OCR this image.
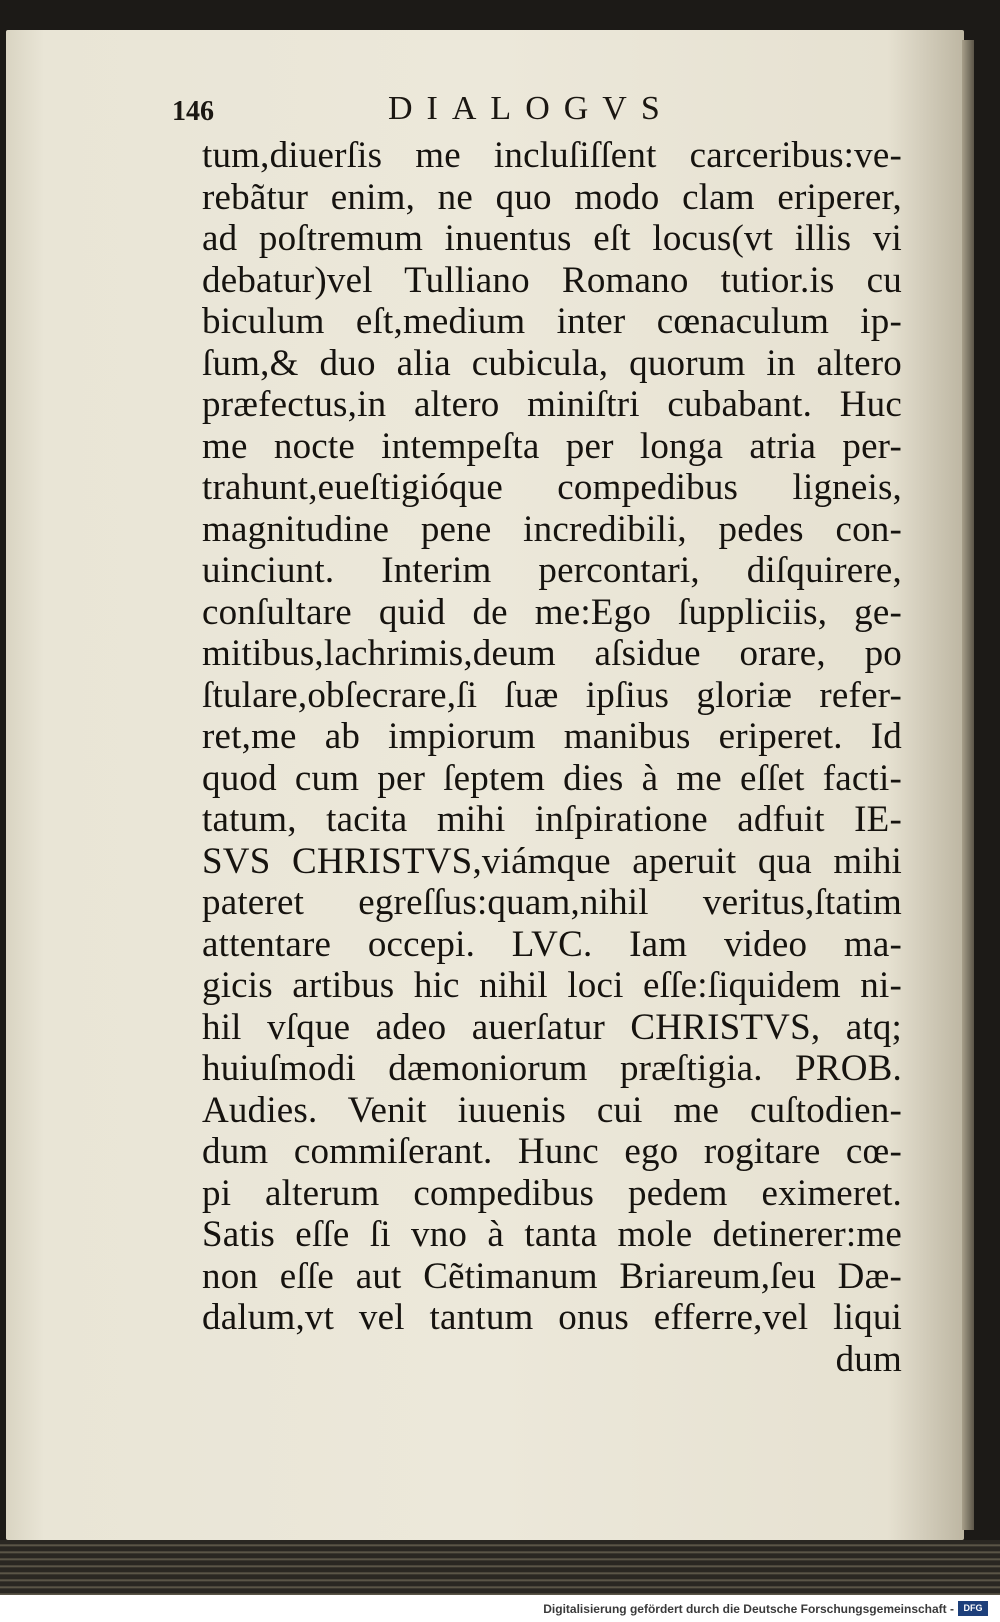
146	DIALOGVS
tum,diuerſis me incluſiſſent carceribus:ve-
rebãtur enim, ne quo modo clam eriperer,
ad poſtremum inuentus eſt locus(vt illis vi
debatur)vel Tulliano Romano tutior.is cu
biculum eſt,medium inter cœnaculum ip-
ſum,& duo alia cubicula, quorum in altero
præfectus,in altero miniſtri cubabant. Huc
me nocte intempeſta per longa atria per-
trahunt,eueſtigióque compedibus ligneis,
magnitudine pene incredibili, pedes con-
uinciunt. Interim percontari, diſquirere,
conſultare quid de me:Ego ſuppliciis, ge-
mitibus,lachrimis,deum aſsidue orare, po
ſtulare,obſecrare,ſi ſuæ ipſius gloriæ refer-
ret,me ab impiorum manibus eriperet. Id
quod cum per ſeptem dies à me eſſet facti-
tatum, tacita mihi inſpiratione adfuit IE-
SVS CHRISTVS,viámque aperuit qua mihi
pateret egreſſus:quam,nihil veritus,ſtatim
attentare occepi. LVC. Iam video ma-
gicis artibus hic nihil loci eſſe:ſiquidem ni-
hil vſque adeo auerſatur CHRISTVS, atq;
huiuſmodi dæmoniorum præſtigia. PROB.
Audies. Venit iuuenis cui me cuſtodien-
dum commiſerant. Hunc ego rogitare cœ-
pi alterum compedibus pedem eximeret.
Satis eſſe ſi vno à tanta mole detinerer:me
non eſſe aut Cẽtimanum Briareum,ſeu Dæ-
dalum,vt vel tantum onus efferre,vel liqui
dum
Digitalisierung gefördert durch die Deutsche Forschungsgemeinschaft -	DFG
